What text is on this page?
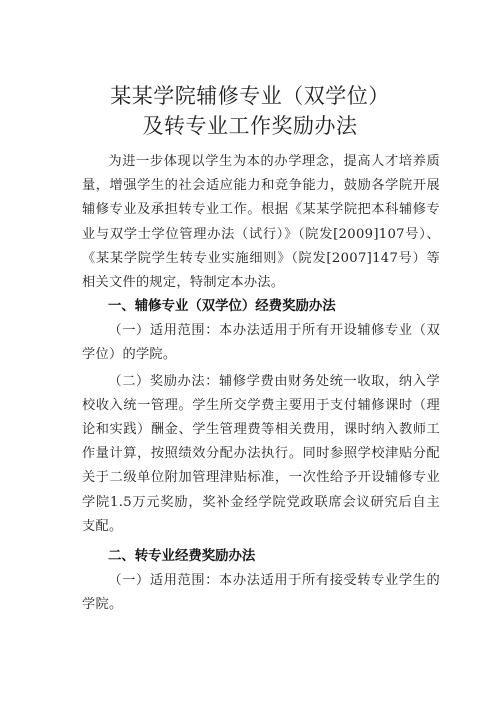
某某学院辅修专业（双学位）
及转专业工作奖励办法

为进一步体现以学生为本的办学理念，提高人才培养质量，增强学生的社会适应能力和竞争能力，鼓励各学院开展辅修专业及承担转专业工作。根据《某某学院把本科辅修专业与双学士学位管理办法（试行）》（院发[2009]107号）、《某某学院学生转专业实施细则》（院发[2007]147号）等相关文件的规定，特制定本办法。

一、辅修专业（双学位）经费奖励办法

（一）适用范围：本办法适用于所有开设辅修专业（双学位）的学院。

（二）奖励办法：辅修学费由财务处统一收取，纳入学校收入统一管理。学生所交学费主要用于支付辅修课时（理论和实践）酬金、学生管理费等相关费用，课时纳入教师工作量计算，按照绩效分配办法执行。同时参照学校津贴分配关于二级单位附加管理津贴标准，一次性给予开设辅修专业学院1.5万元奖励，奖补金经学院党政联席会议研究后自主支配。

二、转专业经费奖励办法

（一）适用范围：本办法适用于所有接受转专业学生的学院。
